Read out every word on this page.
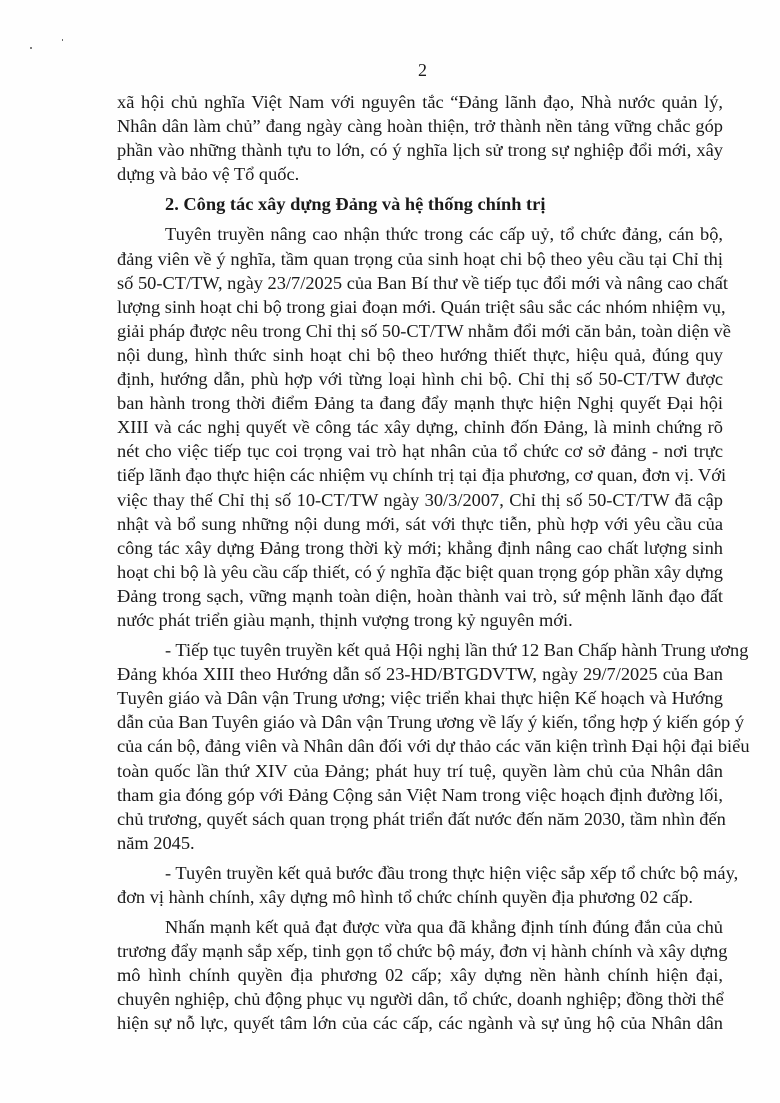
2
xã hội chủ nghĩa Việt Nam với nguyên tắc “Đảng lãnh đạo, Nhà nước quản lý,
Nhân dân làm chủ” đang ngày càng hoàn thiện, trở thành nền tảng vững chắc góp
phần vào những thành tựu to lớn, có ý nghĩa lịch sử trong sự nghiệp đổi mới, xây
dựng và bảo vệ Tổ quốc.
2. Công tác xây dựng Đảng và hệ thống chính trị
Tuyên truyền nâng cao nhận thức trong các cấp uỷ, tổ chức đảng, cán bộ,
đảng viên về ý nghĩa, tầm quan trọng của sinh hoạt chi bộ theo yêu cầu tại Chỉ thị
số 50-CT/TW, ngày 23/7/2025 của Ban Bí thư về tiếp tục đổi mới và nâng cao chất
lượng sinh hoạt chi bộ trong giai đoạn mới. Quán triệt sâu sắc các nhóm nhiệm vụ,
giải pháp được nêu trong Chỉ thị số 50-CT/TW nhằm đổi mới căn bản, toàn diện về
nội dung, hình thức sinh hoạt chi bộ theo hướng thiết thực, hiệu quả, đúng quy
định, hướng dẫn, phù hợp với từng loại hình chi bộ. Chỉ thị số 50-CT/TW được
ban hành trong thời điểm Đảng ta đang đẩy mạnh thực hiện Nghị quyết Đại hội
XIII và các nghị quyết về công tác xây dựng, chỉnh đốn Đảng, là minh chứng rõ
nét cho việc tiếp tục coi trọng vai trò hạt nhân của tổ chức cơ sở đảng - nơi trực
tiếp lãnh đạo thực hiện các nhiệm vụ chính trị tại địa phương, cơ quan, đơn vị. Với
việc thay thế Chỉ thị số 10-CT/TW ngày 30/3/2007, Chỉ thị số 50-CT/TW đã cập
nhật và bổ sung những nội dung mới, sát với thực tiễn, phù hợp với yêu cầu của
công tác xây dựng Đảng trong thời kỳ mới; khẳng định nâng cao chất lượng sinh
hoạt chi bộ là yêu cầu cấp thiết, có ý nghĩa đặc biệt quan trọng góp phần xây dựng
Đảng trong sạch, vững mạnh toàn diện, hoàn thành vai trò, sứ mệnh lãnh đạo đất
nước phát triển giàu mạnh, thịnh vượng trong kỷ nguyên mới.
- Tiếp tục tuyên truyền kết quả Hội nghị lần thứ 12 Ban Chấp hành Trung ương
Đảng khóa XIII theo Hướng dẫn số 23-HD/BTGDVTW, ngày 29/7/2025 của Ban
Tuyên giáo và Dân vận Trung ương; việc triển khai thực hiện Kế hoạch và Hướng
dẫn của Ban Tuyên giáo và Dân vận Trung ương về lấy ý kiến, tổng hợp ý kiến góp ý
của cán bộ, đảng viên và Nhân dân đối với dự thảo các văn kiện trình Đại hội đại biểu
toàn quốc lần thứ XIV của Đảng; phát huy trí tuệ, quyền làm chủ của Nhân dân
tham gia đóng góp với Đảng Cộng sản Việt Nam trong việc hoạch định đường lối,
chủ trương, quyết sách quan trọng phát triển đất nước đến năm 2030, tầm nhìn đến
năm 2045.
- Tuyên truyền kết quả bước đầu trong thực hiện việc sắp xếp tổ chức bộ máy,
đơn vị hành chính, xây dựng mô hình tổ chức chính quyền địa phương 02 cấp.
Nhấn mạnh kết quả đạt được vừa qua đã khẳng định tính đúng đắn của chủ
trương đẩy mạnh sắp xếp, tinh gọn tổ chức bộ máy, đơn vị hành chính và xây dựng
mô hình chính quyền địa phương 02 cấp; xây dựng nền hành chính hiện đại,
chuyên nghiệp, chủ động phục vụ người dân, tổ chức, doanh nghiệp; đồng thời thể
hiện sự nỗ lực, quyết tâm lớn của các cấp, các ngành và sự ủng hộ của Nhân dân
